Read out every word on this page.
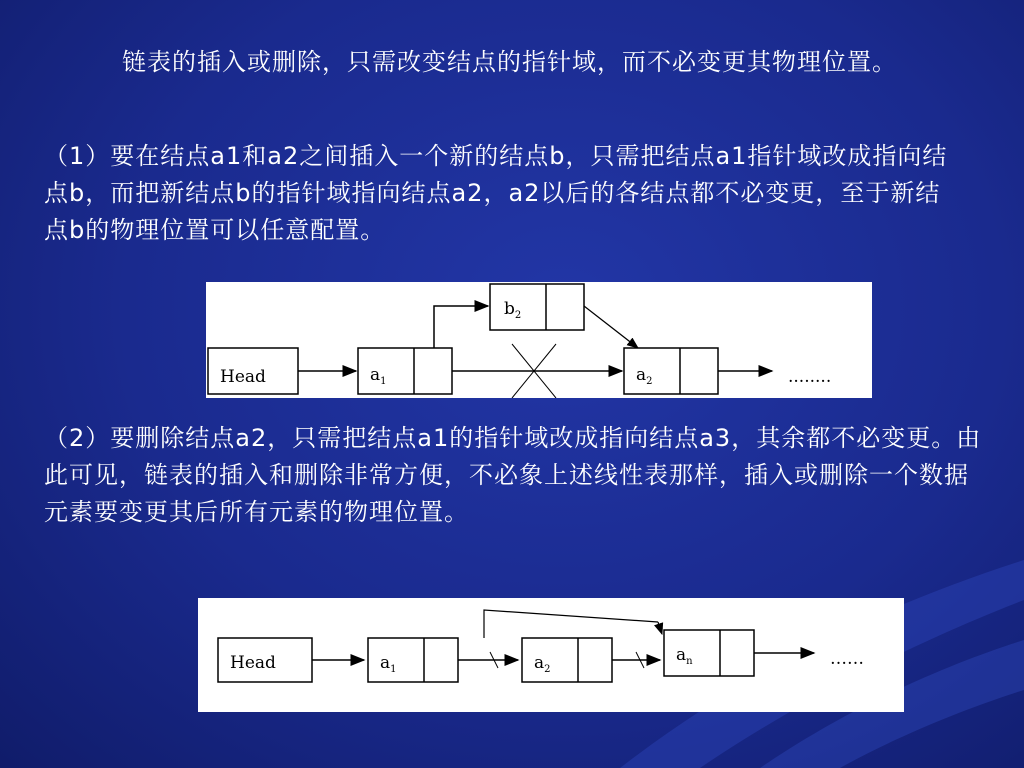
链表的插入或删除，只需改变结点的指针域，而不必变更其物理位置。

（1）要在结点a1和a2之间插入一个新的结点b，只需把结点a1指针域改成指向结点b，而把新结点b的指针域指向结点a2，a2以后的各结点都不必变更，至于新结点b的物理位置可以任意配置。

Head	$a_1$
$b_2$
$a_2$	........

（2）要删除结点a2，只需把结点a1的指针域改成指向结点a3，其余都不必变更。由此可见，链表的插入和删除非常方便，不必象上述线性表那样，插入或删除一个数据元素要变更其后所有元素的物理位置。

Head	$a_1$	$a_2$
$a_n$	……
